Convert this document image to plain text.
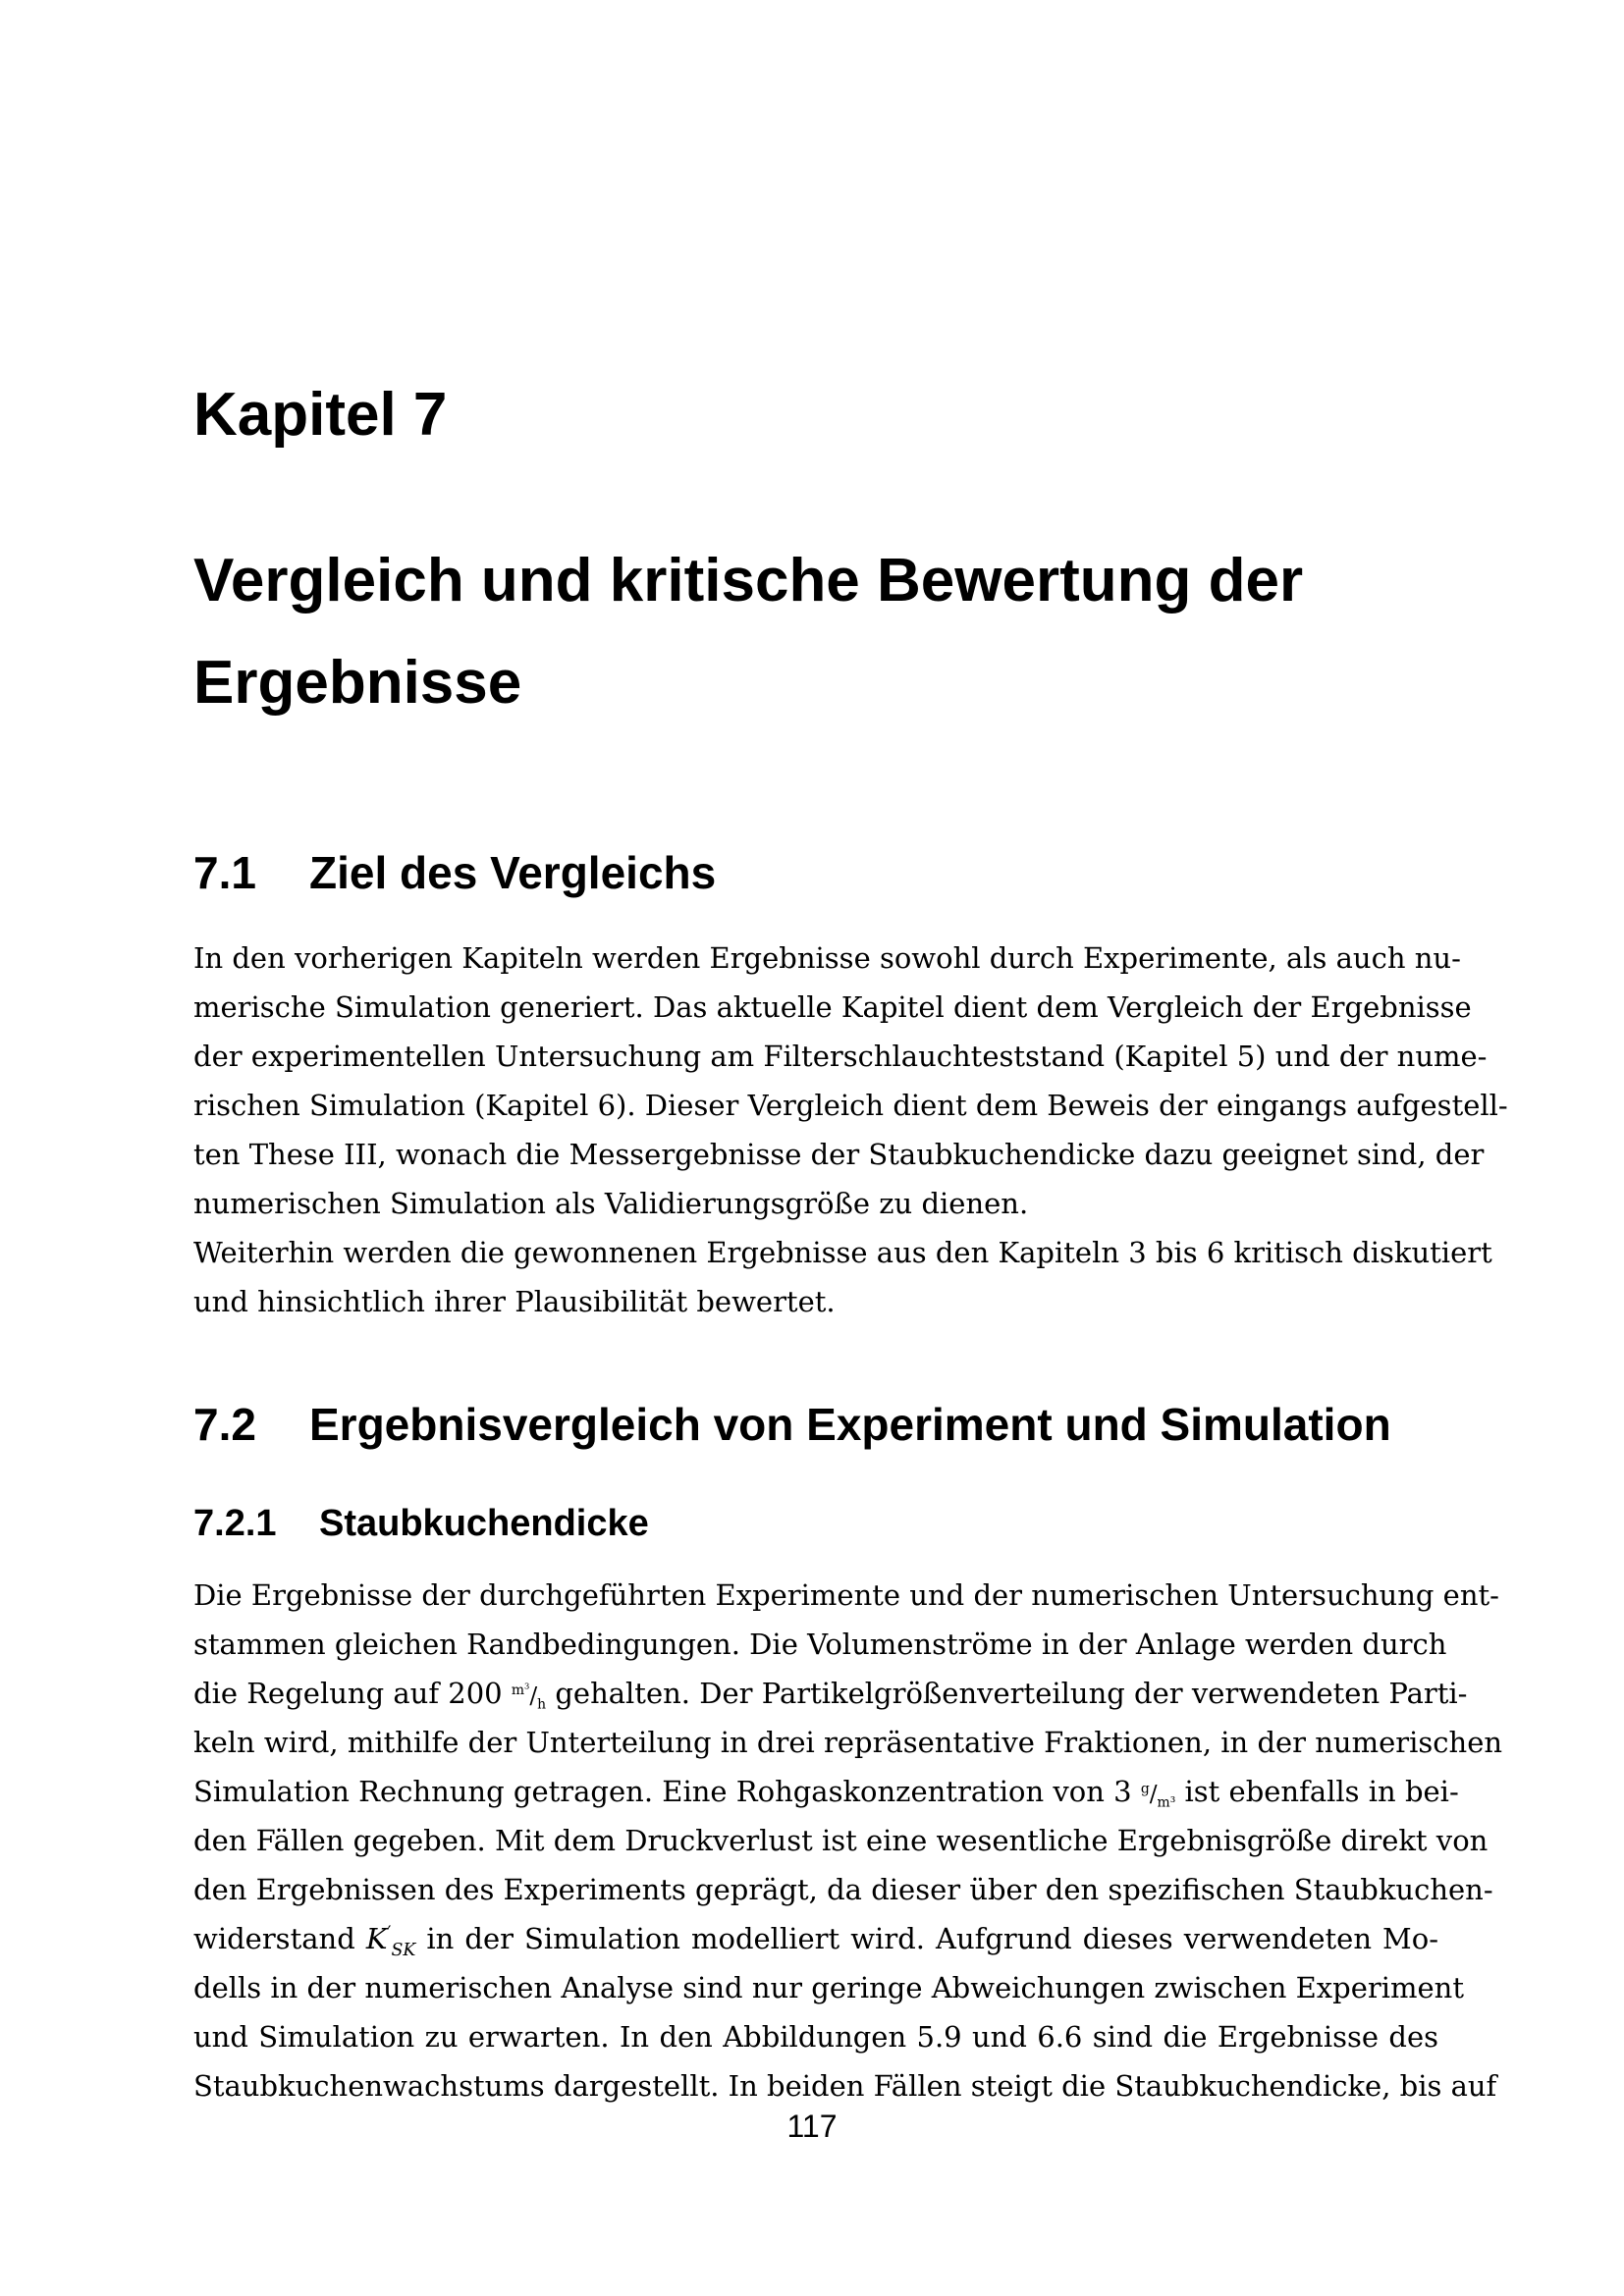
Kapitel 7
Vergleich und kritische Bewertung der Ergebnisse
7.1 Ziel des Vergleichs
In den vorherigen Kapiteln werden Ergebnisse sowohl durch Experimente, als auch nu-
merische Simulation generiert. Das aktuelle Kapitel dient dem Vergleich der Ergebnisse
der experimentellen Untersuchung am Filterschlauchteststand (Kapitel 5) und der nume-
rischen Simulation (Kapitel 6). Dieser Vergleich dient dem Beweis der eingangs aufgestell-
ten These III, wonach die Messergebnisse der Staubkuchendicke dazu geeignet sind, der
numerischen Simulation als Validierungsgröße zu dienen.
Weiterhin werden die gewonnenen Ergebnisse aus den Kapiteln 3 bis 6 kritisch diskutiert
und hinsichtlich ihrer Plausibilität bewertet.
7.2 Ergebnisvergleich von Experiment und Simulation
7.2.1 Staubkuchendicke
Die Ergebnisse der durchgeführten Experimente und der numerischen Untersuchung ent-
stammen gleichen Randbedingungen. Die Volumenströme in der Anlage werden durch
die Regelung auf 200 $^{m^3}/_h$ gehalten. Der Partikelgrößenverteilung der verwendeten Parti-
keln wird, mithilfe der Unterteilung in drei repräsentative Fraktionen, in der numerischen
Simulation Rechnung getragen. Eine Rohgaskonzentration von 3 $^g/_{m^3}$ ist ebenfalls in bei-
den Fällen gegeben. Mit dem Druckverlust ist eine wesentliche Ergebnisgröße direkt von
den Ergebnissen des Experiments geprägt, da dieser über den spezifischen Staubkuchen-
widerstand $K'_{SK}$ in der Simulation modelliert wird. Aufgrund dieses verwendeten Mo-
dells in der numerischen Analyse sind nur geringe Abweichungen zwischen Experiment
und Simulation zu erwarten. In den Abbildungen 5.9 und 6.6 sind die Ergebnisse des
Staubkuchenwachstums dargestellt. In beiden Fällen steigt die Staubkuchendicke, bis auf

117
